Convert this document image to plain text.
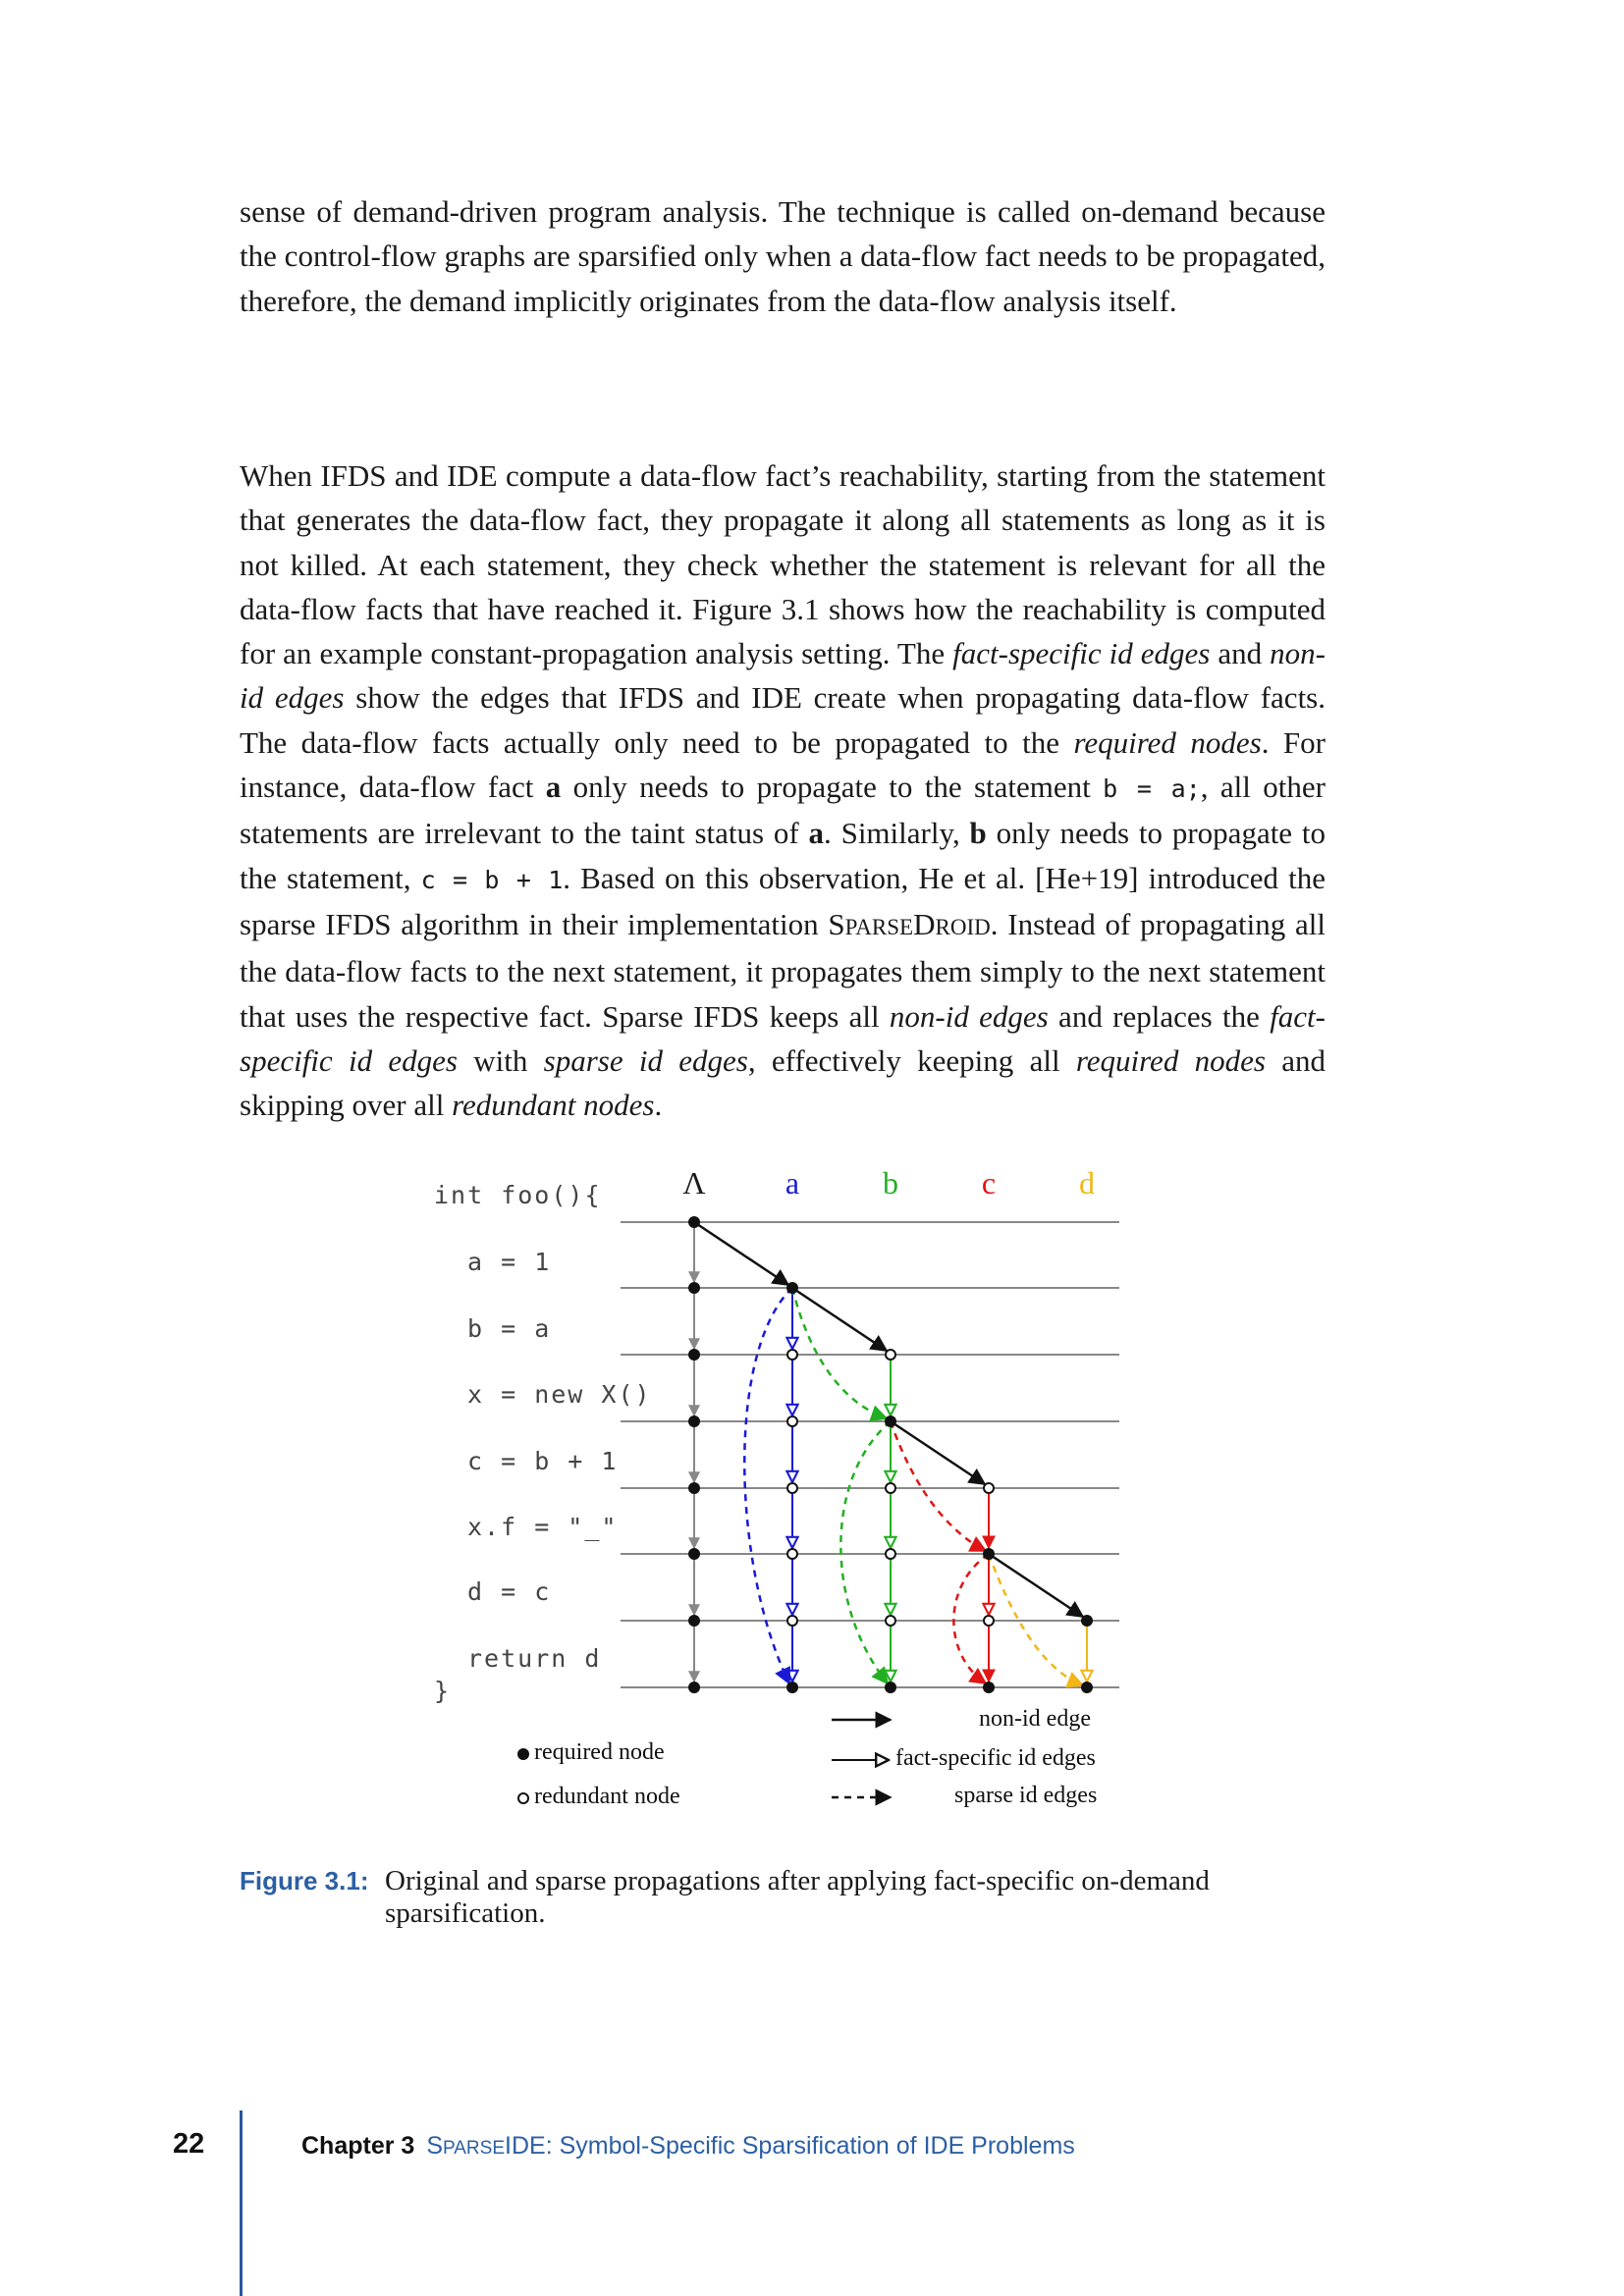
sense of demand-driven program analysis. The technique is called on-demand because the control-flow graphs are sparsified only when a data-flow fact needs to be propagated, therefore, the demand implicitly originates from the data-flow analysis itself.

When IFDS and IDE compute a data-flow fact’s reachability, starting from the statement that generates the data-flow fact, they propagate it along all statements as long as it is not killed. At each statement, they check whether the statement is relevant for all the data-flow facts that have reached it. Figure 3.1 shows how the reachability is computed for an example constant-propagation analysis setting. The fact-specific id edges and non-id edges show the edges that IFDS and IDE create when propagating data-flow facts. The data-flow facts actually only need to be propagated to the required nodes. For instance, data-flow fact a only needs to propagate to the statement b = a;, all other statements are irrelevant to the taint status of a. Similarly, b only needs to propagate to the statement, c = b + 1. Based on this observation, He et al. [He+19] introduced the sparse IFDS algorithm in their implementation SPARSEDROID. Instead of propagating all the data-flow facts to the next statement, it propagates them simply to the next statement that uses the respective fact. Sparse IFDS keeps all non-id edges and replaces the fact-specific id edges with sparse id edges, effectively keeping all required nodes and skipping over all redundant nodes.

int foo(){
a = 1
b = a
x = new X()
c = b + 1
x.f = "_"
d = c
return d
}
Λ	a	b	c	d
required node
redundant node
non-id edge
fact-specific id edges
sparse id edges
Figure 3.1: Original and sparse propagations after applying fact-specific on-demand sparsification.
22	Chapter 3 SPARSEIDE: Symbol-Specific Sparsification of IDE Problems
